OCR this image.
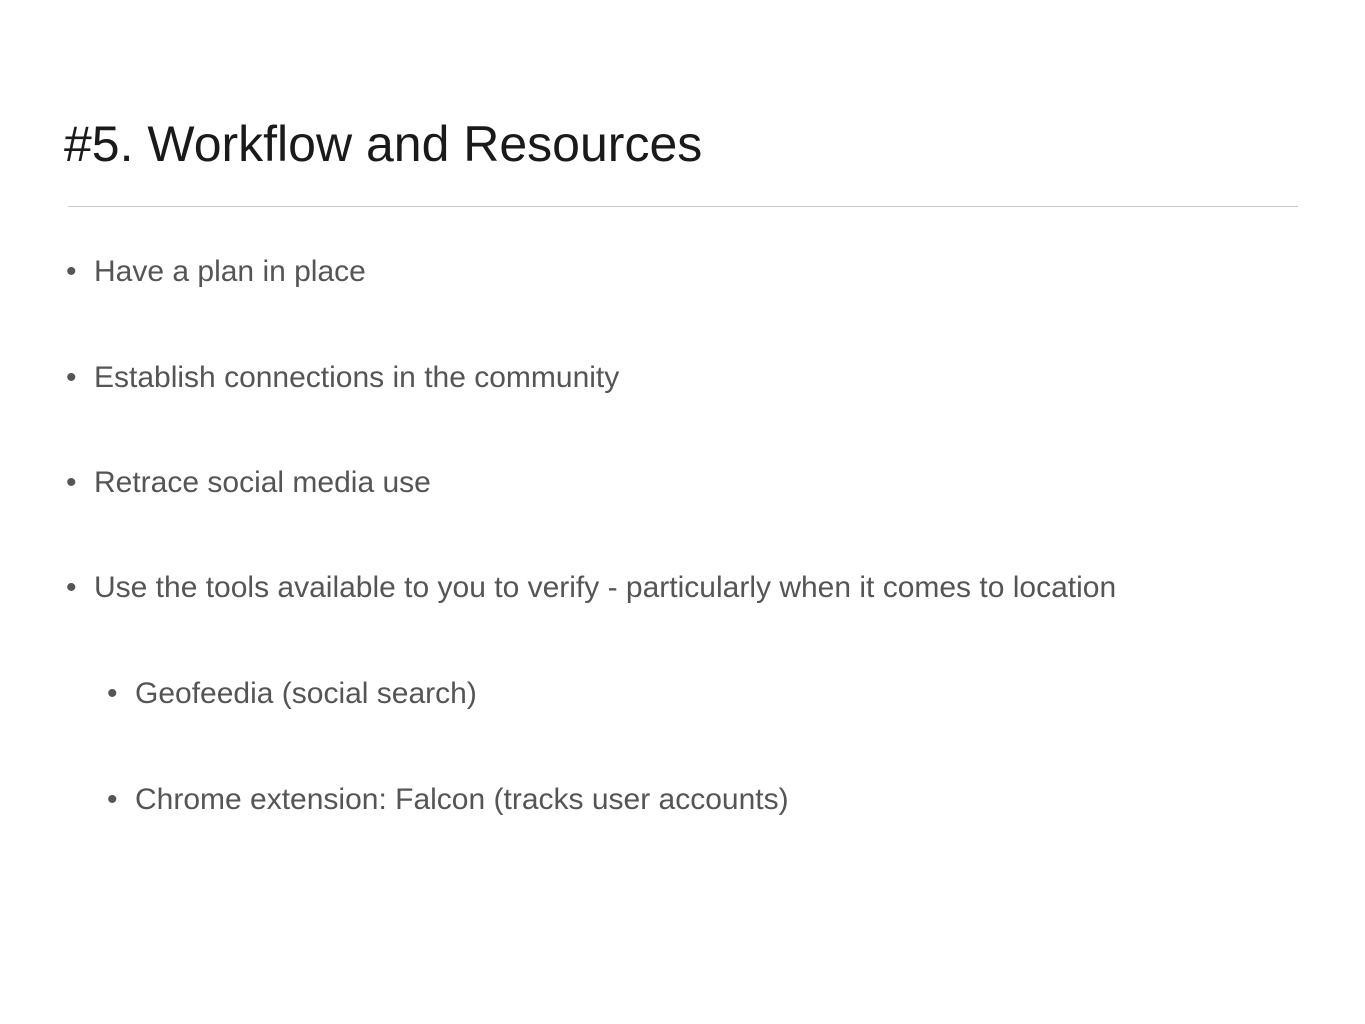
#5. Workflow and Resources
• Have a plan in place
• Establish connections in the community
• Retrace social media use
• Use the tools available to you to verify - particularly when it comes to location
• Geofeedia (social search)
• Chrome extension: Falcon (tracks user accounts)
